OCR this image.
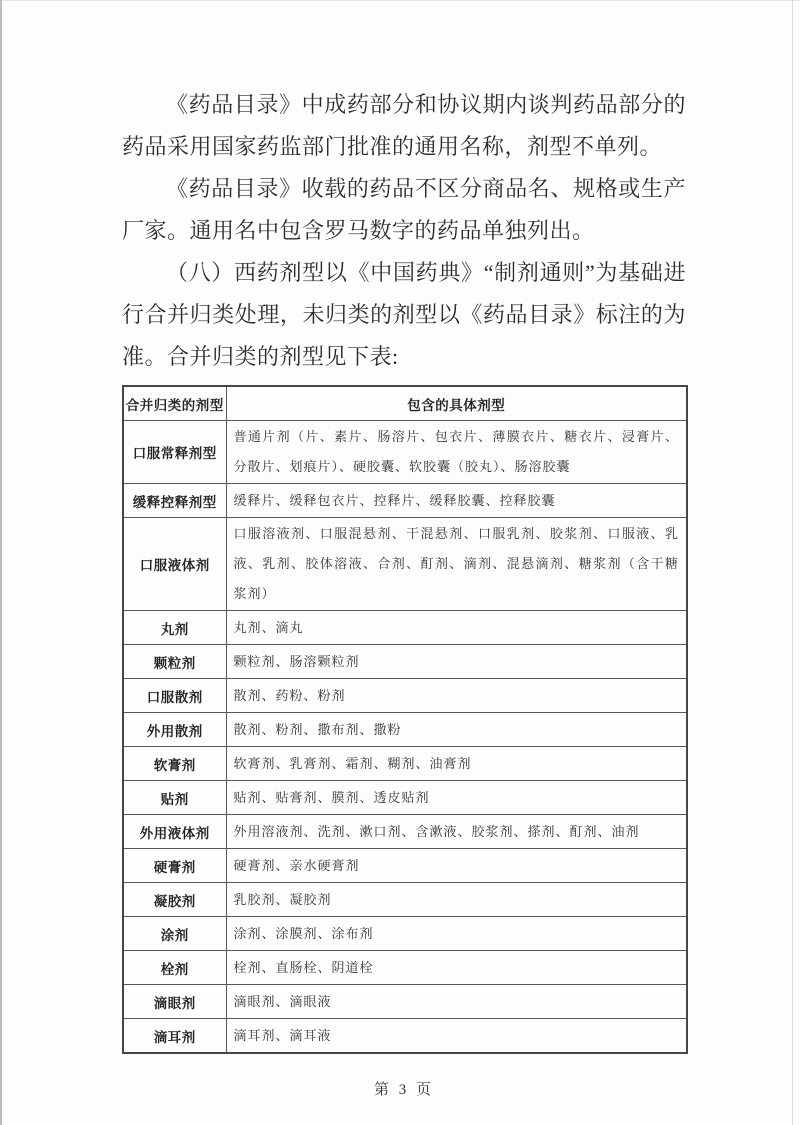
《药品目录》中成药部分和协议期内谈判药品部分的药品采用国家药监部门批准的通用名称，剂型不单列。

《药品目录》收载的药品不区分商品名、规格或生产厂家。通用名中包含罗马数字的药品单独列出。

（八）西药剂型以《中国药典》“制剂通则”为基础进行合并归类处理，未归类的剂型以《药品目录》标注的为准。合并归类的剂型见下表:

合并归类的剂型	包含的具体剂型
口服常释剂型	普通片剂（片、素片、肠溶片、包衣片、薄膜衣片、糖衣片、浸膏片、分散片、划痕片）、硬胶囊、软胶囊（胶丸）、肠溶胶囊
缓释控释剂型	缓释片、缓释包衣片、控释片、缓释胶囊、控释胶囊
口服液体剂	口服溶液剂、口服混悬剂、干混悬剂、口服乳剂、胶浆剂、口服液、乳液、乳剂、胶体溶液、合剂、酊剂、滴剂、混悬滴剂、糖浆剂（含干糖浆剂）
丸剂	丸剂、滴丸
颗粒剂	颗粒剂、肠溶颗粒剂
口服散剂	散剂、药粉、粉剂
外用散剂	散剂、粉剂、撒布剂、撒粉
软膏剂	软膏剂、乳膏剂、霜剂、糊剂、油膏剂
贴剂	贴剂、贴膏剂、膜剂、透皮贴剂
外用液体剂	外用溶液剂、洗剂、漱口剂、含漱液、胶浆剂、搽剂、酊剂、油剂
硬膏剂	硬膏剂、亲水硬膏剂
凝胶剂	乳胶剂、凝胶剂
涂剂	涂剂、涂膜剂、涂布剂
栓剂	栓剂、直肠栓、阴道栓
滴眼剂	滴眼剂、滴眼液
滴耳剂	滴耳剂、滴耳液
第 3 页
